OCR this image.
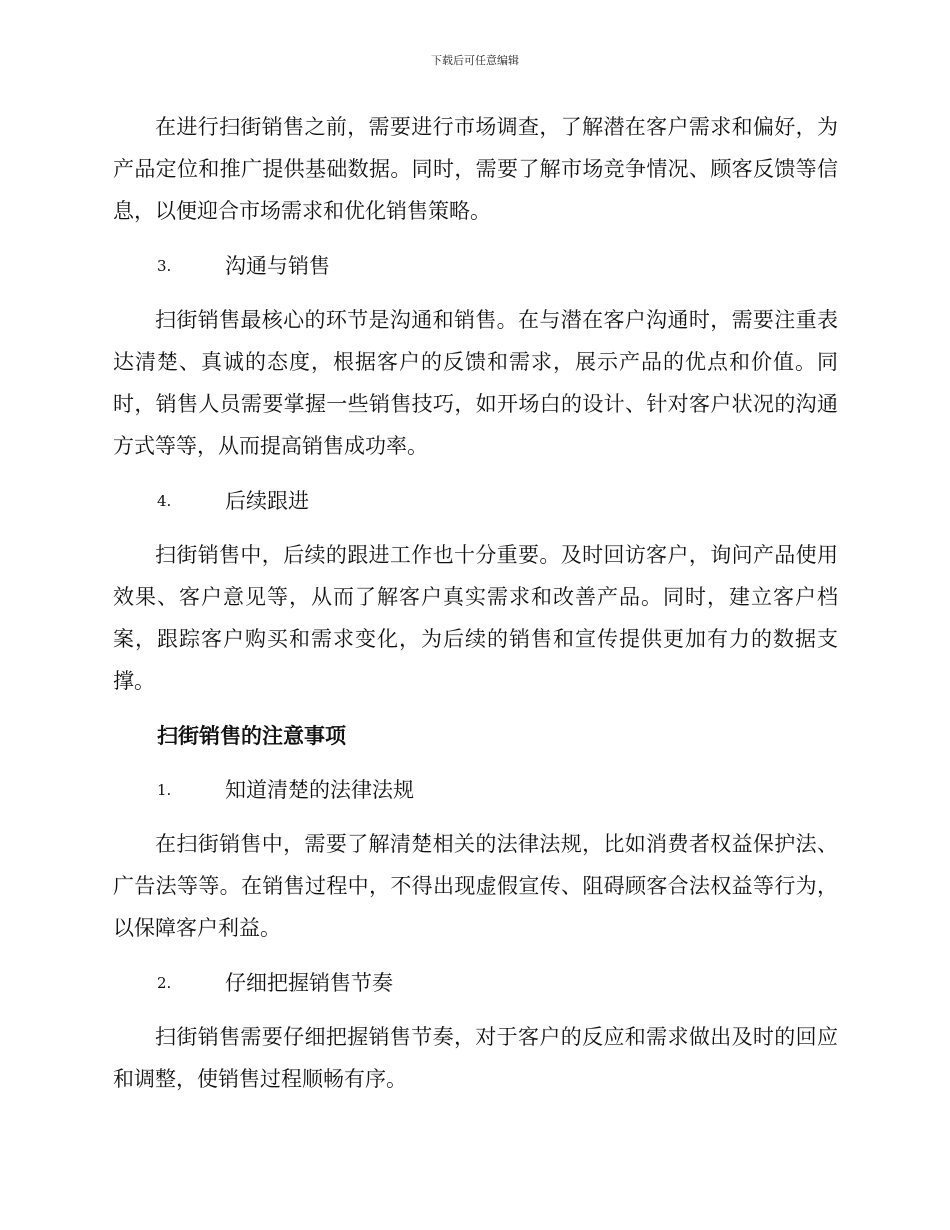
下载后可任意编辑

在进行扫街销售之前，需要进行市场调查，了解潜在客户需求和偏好，为产品定位和推广提供基础数据。同时，需要了解市场竞争情况、顾客反馈等信息，以便迎合市场需求和优化销售策略。

3.	沟通与销售

扫街销售最核心的环节是沟通和销售。在与潜在客户沟通时，需要注重表达清楚、真诚的态度，根据客户的反馈和需求，展示产品的优点和价值。同时，销售人员需要掌握一些销售技巧，如开场白的设计、针对客户状况的沟通方式等等，从而提高销售成功率。

4.	后续跟进

扫街销售中，后续的跟进工作也十分重要。及时回访客户，询问产品使用效果、客户意见等，从而了解客户真实需求和改善产品。同时，建立客户档案，跟踪客户购买和需求变化，为后续的销售和宣传提供更加有力的数据支撑。

扫街销售的注意事项
1.	知道清楚的法律法规

在扫街销售中，需要了解清楚相关的法律法规，比如消费者权益保护法、广告法等等。在销售过程中，不得出现虚假宣传、阻碍顾客合法权益等行为，以保障客户利益。

2.	仔细把握销售节奏

扫街销售需要仔细把握销售节奏，对于客户的反应和需求做出及时的回应和调整，使销售过程顺畅有序。
